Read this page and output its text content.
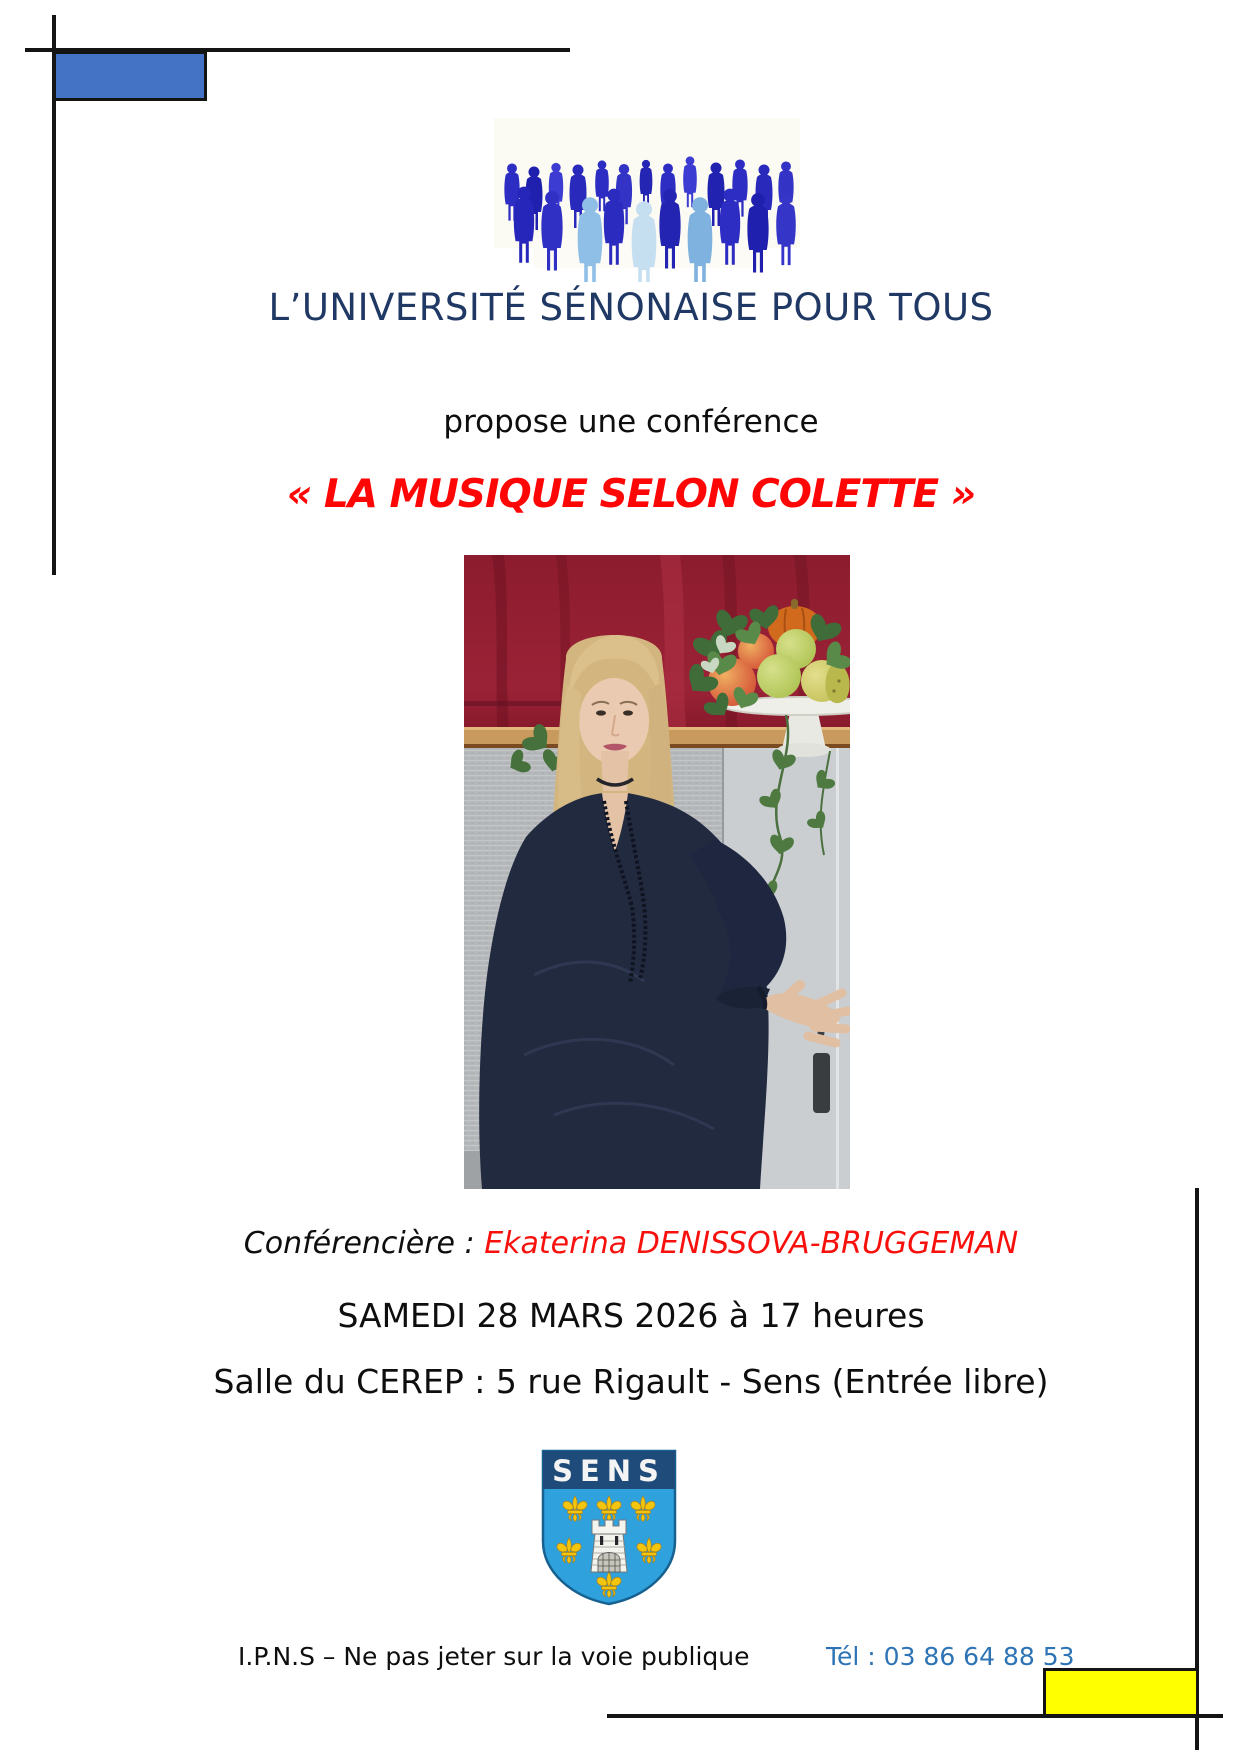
L’UNIVERSITÉ SÉNONAISE POUR TOUS
propose une conférence
« LA MUSIQUE SELON COLETTE »
Conférencière : Ekaterina DENISSOVA-BRUGGEMAN
SAMEDI 28 MARS 2026 à 17 heures
Salle du CEREP : 5 rue Rigault - Sens (Entrée libre)
SENS
I.P.N.S – Ne pas jeter sur la voie publique	Tél : 03 86 64 88 53
